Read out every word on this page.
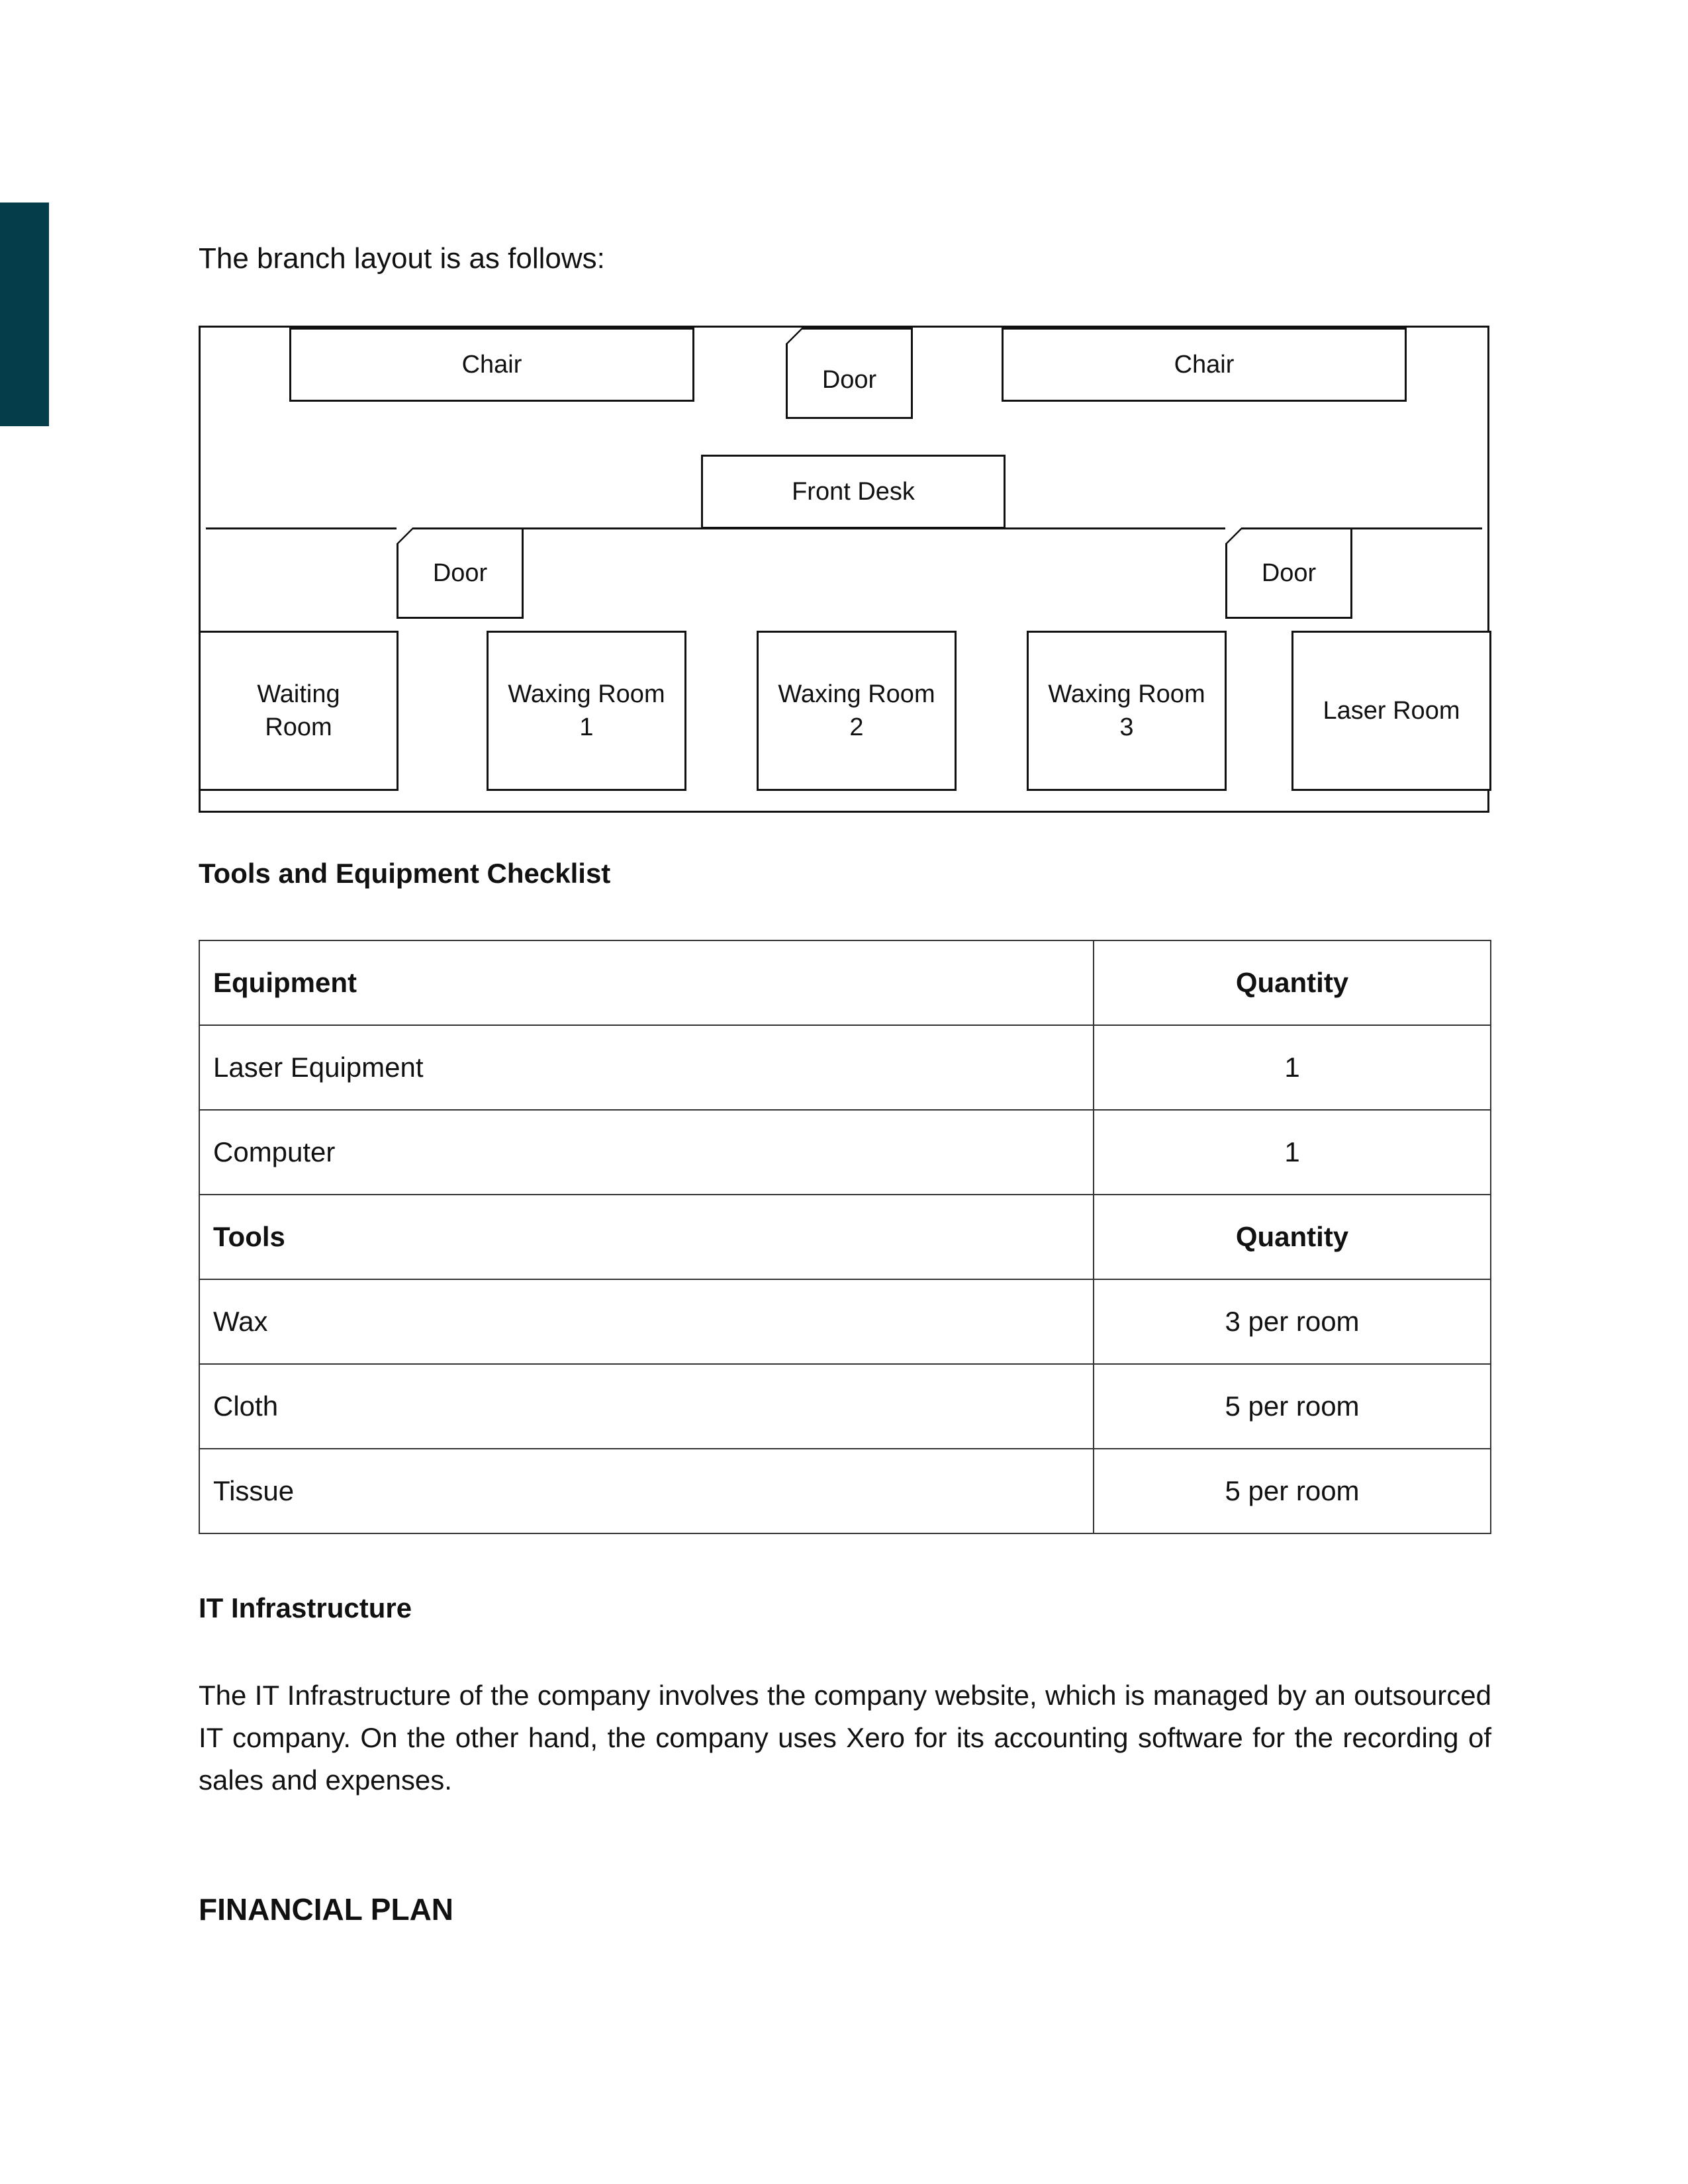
The branch layout is as follows:
Chair
Door
Chair
Front Desk
Door	Door
Waiting
Room
Waxing Room
1
Waxing Room
2
Waxing Room
3
Laser Room
Tools and Equipment Checklist
Equipment	Quantity
Laser Equipment	1
Computer	1
Tools	Quantity
Wax	3 per room
Cloth	5 per room
Tissue	5 per room
IT Infrastructure
The IT Infrastructure of the company involves the company website, which is managed by an outsourced IT company. On the other hand, the company uses Xero for its accounting software for the recording of sales and expenses.
FINANCIAL PLAN
